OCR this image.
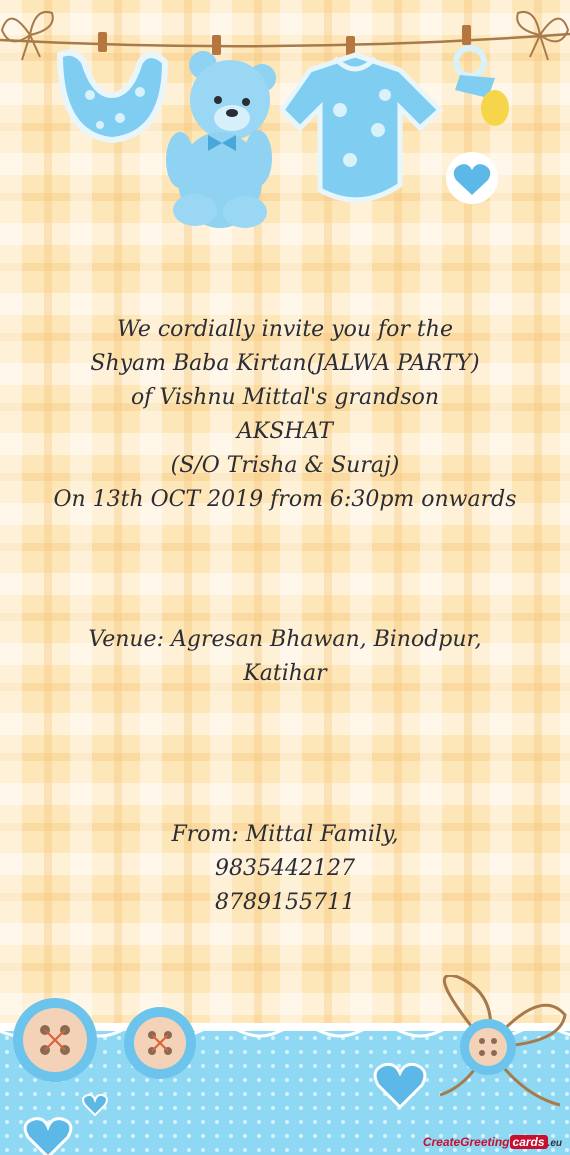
We cordially invite you for the
Shyam Baba Kirtan(JALWA PARTY)
of Vishnu Mittal's grandson
AKSHAT
(S/O Trisha & Suraj)
On 13th OCT 2019 from 6:30pm onwards
Venue: Agresan Bhawan, Binodpur,
Katihar
From: Mittal Family,
9835442127
8789155711
CreateGreeting cards .eu
